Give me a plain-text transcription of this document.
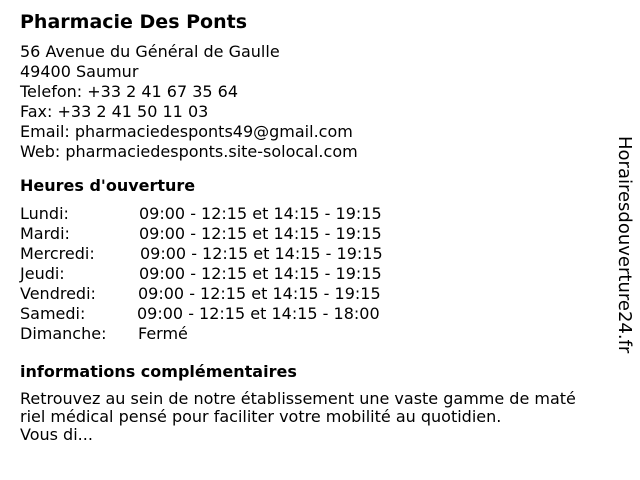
Pharmacie Des Ponts
56 Avenue du Général de Gaulle
49400 Saumur
Telefon: +33 2 41 67 35 64
Fax: +33 2 41 50 11 03
Email: pharmaciedesponts49@gmail.com
Web: pharmaciedesponts.site-solocal.com
Heures d'ouverture
Lundi:	09:00 - 12:15 et 14:15 - 19:15
Mardi:	09:00 - 12:15 et 14:15 - 19:15
Mercredi:	09:00 - 12:15 et 14:15 - 19:15
Jeudi:	09:00 - 12:15 et 14:15 - 19:15
Vendredi:	09:00 - 12:15 et 14:15 - 19:15
Samedi:	09:00 - 12:15 et 14:15 - 18:00
Dimanche: Fermé
informations complémentaires
Retrouvez au sein de notre établissement une vaste gamme de maté
riel médical pensé pour faciliter votre mobilité au quotidien.
Vous di...
Horairesdouverture24.fr
